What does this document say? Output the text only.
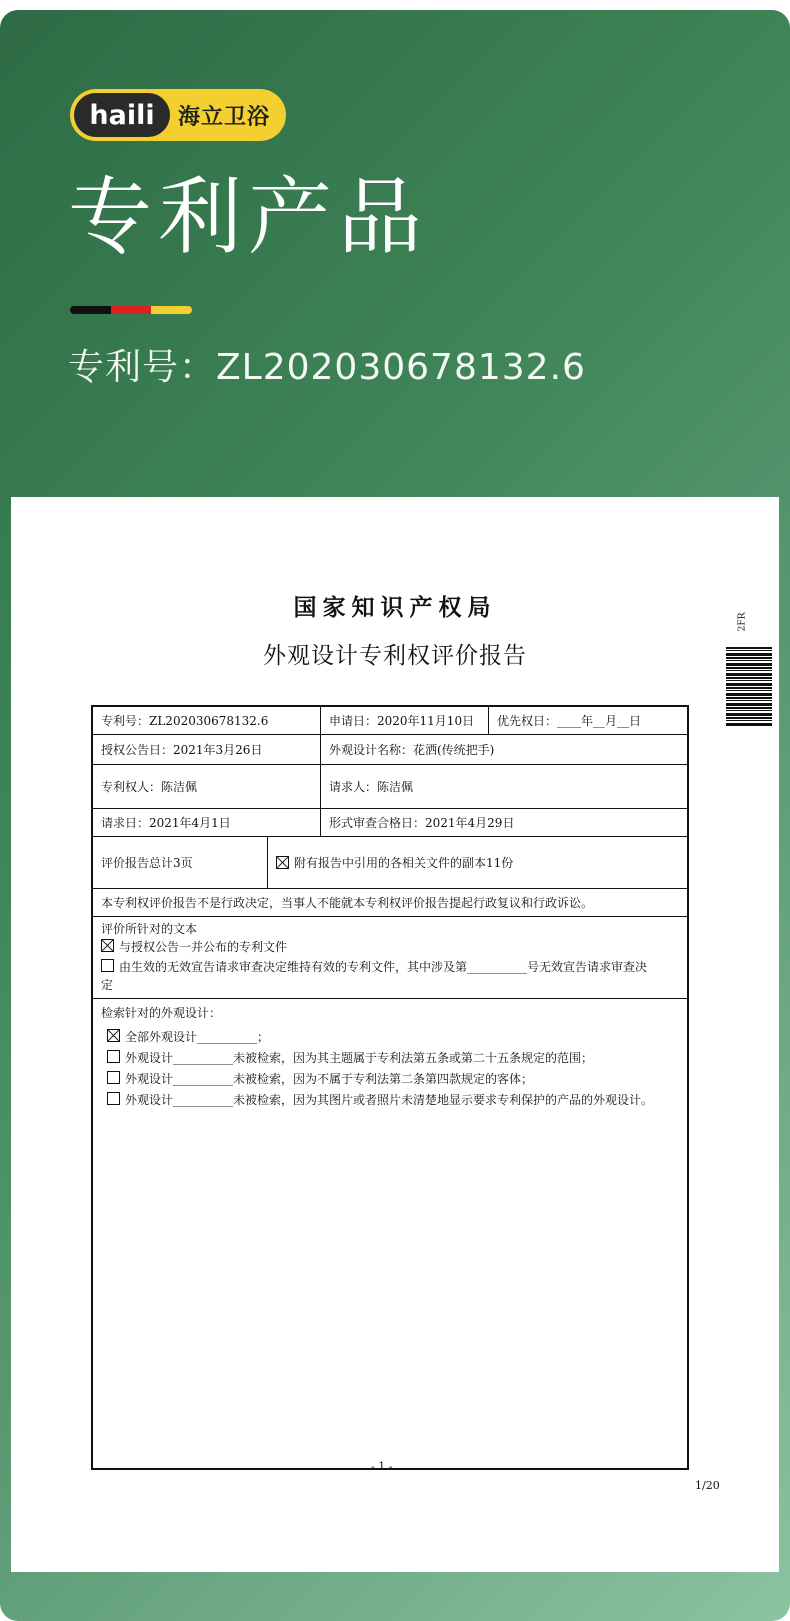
haili	海立卫浴
专利产品
专利号：ZL202030678132.6
国家知识产权局
外观设计专利权评价报告
2FR
专利号：ZL202030678132.6	申请日：2020年11月10日	优先权日：____年__月__日
授权公告日：2021年3月26日	外观设计名称：花洒(传统把手)
专利权人：陈洁佩	请求人：陈洁佩
请求日：2021年4月1日	形式审查合格日：2021年4月29日
评价报告总计3页	附有报告中引用的各相关文件的副本11份
本专利权评价报告不是行政决定，当事人不能就本专利权评价报告提起行政复议和行政诉讼。
评价所针对的文本
与授权公告一并公布的专利文件
由生效的无效宣告请求审查决定维持有效的专利文件，其中涉及第__________号无效宣告请求审查决
定
检索针对的外观设计：
全部外观设计__________；
外观设计__________未被检索，因为其主题属于专利法第五条或第二十五条规定的范围；
外观设计__________未被检索，因为不属于专利法第二条第四款规定的客体；
外观设计__________未被检索，因为其图片或者照片未清楚地显示要求专利保护的产品的外观设计。
- 1 -
1/20
